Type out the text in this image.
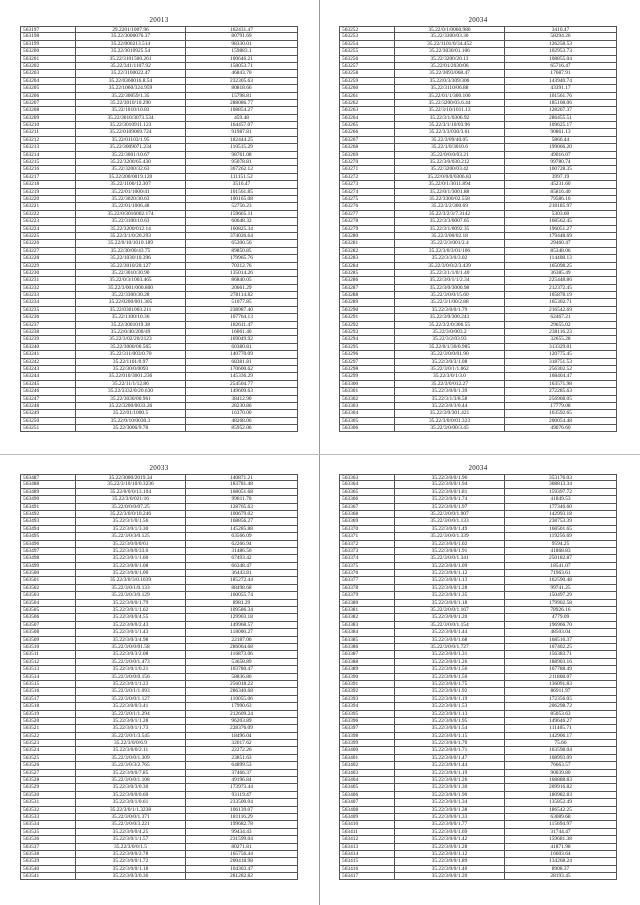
20013
563197	29.2201/1007.96	162431.47
563198	35.22/3000076.37	80791.69
563199	35.22/000213.514	98330.01
563200	35.22/3010925.54	159883.1
563201	35.22/3101500.261	100646.21
563202	35.22/341/1107.92	158053.71
563203	35.22/3100022.47	46843.70
563204	35.22/0360016.8.54	232305.63
563205	35.22/1060/324.959	80818.66
563206	35.22/30059/1.35	15798.81
563207	35.22/3010/10.290	288086.77
563208	35.22/1010/10.83	108854.27
563209	35.22/3010/3073.534	459.48
563210	35.22/3010911.123	164457.07
563211	35.22/0109069.724	91987.81
563212	35.22/01103/1.95	182444.25
563213	35.22/3009071.234	110515.29
563214	35.22/3001/10.67	98761.08
563215	35.22/3200/65.430	95078.81
563216	35.22/3200/32.63	367262.12
563217	35.22/200/0019.120	111151.52
563218	35.22/1100/12.307	3516.47
563219	35.22/01/1000/41	101561.85
563220	35.22/3020/30.63	100165.08
563221	35.22/01/1006.48	52756.23
563222	35.22/0/3016002.174	159665.11
563223	35.22/3100/10.63	60648.32
563224	35.22/3200/012.14	160825.34
563225	35.22/3/1/0/20.293	374026.64
563226	35.22/0/10/1010.189	65300.56
563227	35.22/30/00/43.75	89850.85
563228	35.22/1030/10.396	179965.76
563229	35.22/3010/20.127	70312.76
563230	35.22/3010/30.90	135014.26
563231	35.22/0/3/1003.465	86840.05
563232	35.22/3/001/000.800	20661.29
563233	35.22/3300/30.28	278114.82
563234	35.22/0200/001.305	51077.85
563235	35.22/0301003.211	238987.40
563236	35.22/1100/10.36	107764.13
563237	35.22/3001019.38	182611.47
563238	35.22/0/40/200/49	16061.40
563239	35.22/3/02/20/2123	169049.92
563240	35.22/3000/00.565	60380.81
563241	35.22/311/003/0.70	140770.09
563242	35.22/1101/0.97	68381.81
563243	35.22/30/0/0093	170600.62
563244	35.22/010/3001.236	145336.29
563245	35.22/11/1/12.86	254504.77
563246	35.22/3332/0/20.630	149609.63
563247	35.22/3030/00.961	38412.90
563248	35.22/3200/0033.26	28230.86
563249	35.22/01/1000.5	16370.00
563250	35.22/0/10/0030.3	48268.06
563251	35.22/3006/9.78	85952.06
20034
563252	35.22/0/1/0060.980	3410.47
563253	35.22/3300/03.30	58294.26
563254	35.22/1101/0/34.452	126258.53
563255	35.22/3030/01.106	102953.73
563256	35.22/3200/20.13	108855.04
563257	35.22/01/2030/06	65716.47
563258	35.22/3093/068.47	17687.91
563259	35.22/0/3/309/306	143940.74
563260	35.22/3110/06.88	43391.17
563261	35.22/01/1/300.106	101561.76
563262	35.22/3200/03.6.44	185108.06
563263	35.22/3/10/1011.13	128267.37
563264	35.22/3/1/0306.92	286455.51
563265	35.22/3/1/10/03.96	109625.17
563266	35.22/3/3/030/3.61	90861.13
563267	35.22/3/09/40.05	5866.44
563268	35.22/1/0/3010.6	199066.20
563269	35.22/0/0/0/03.21	49016.07
563270	35.22/3/0/030.212	99780.74
563271	35.22/3200/03.42	100728.35
563272	35.22/0/0/0/0306.83	3997.19
563273	35.22/0/1/3011.894	45231.60
563274	35.22/0/1/3001.88	85816.40
563275	35.22/3300/02.558	79586.16
563276	35.22/3/2/300.69	218185.97
563277	35.22/3/2/3/7.3142	5303.60
563278	35.22/3/3/0007.65	168562.45
563279	35.22/3/1/0092.35	196051.27
563280	35.22/3/00/02.18	179448.69
563281	35.22/3/3/001/2.4	29460.47
563282	35.22/3/0/3/01/106	85348.06
563283	35.22/3/3/0/3.02	114408.13
563284	35.22/3/0/0/2/3.439	165098.25
563285	35.22/3/1/1/0/1.40	36385.49
563286	35.22/3/0/1/1/2.34	225448.86
563287	35.22/3/0/3000.98	212372.45
563288	35.22/3/0/0/15.60	105878.19
563289	35.22/3/1/00/2.88	165302.71
563290	35.22/3/0/0/1.79	216542.69
563291	35.22/3/0/300.243	62467.21
563292	35.22/3/2/0/306.55	29655.02
563293	35.22/3/0/003.2	238116.23
563294	35.22/3/2/03.93	32655.28
563295	35.22/0/1/30/0.985	313329.01
563296	35.22/3/0/0/01.90	120775.45
563297	35.22/3/0/3/1.08	318751.53
563298	35.22/3/0/1/1.062	256302.52
563299	35.22/3/0/1/3.0	168404.47
563300	35.22/3/0/012.27	163571.98
563301	35.22/3/0/0/1.39	272285.63
563302	35.22/3/1/3/8.58	256968.05
563303	35.22/3/0/3/0.44	17779.08
563304	35.22/3/0/301.421	163592.65
563305	35.22/3/0/0/01.323	200054.48
563306	35.22/3/0/00/3.45	49076.60
20033
563487	35.22/3000/2019.34	140871.21
563488	35.22/3/10/10/0.3236	183781.48
563489	35.22/0/0/0/13.104	168051.68
563490	35.22/3/0/021/16	99811.70
563491	35.22/0/0/0/07.25	128765.63
563492	35.22/3/0/0/10.246	100679.02
563493	35.22/3/1/0/1.56	168856.27
563494	35.22/3/0/1/3.30	145285.88
563495	35.22/3/0/3/0.125	63566.09
563496	35.22/3/0/0/0/61	62266.94
563497	35.22/3/0/0/33.0	31486.56
563498	35.22/3/0/1/1.60	67493.42
563499	35.22/3/0/0/1.08	66348.47
563500	35.22/3/0/0/1.00	36443.81
563501	35.22/3/0/3/0.1039	185272.44
563502	35.22/3/0/1/0.133	88498.68
563503	35.22/3/0/3/0.129	160055.74
563504	35.22/3/0/0/1.79	8981.29
563505	35.22/3/0/1/1.62	109586.34
563506	35.22/3/0/0/4.55	129903.18
563507	35.22/3/0/0/2.43	149968.57
563508	35.22/3/0/1/1.43	118000.27
563509	35.22/3/0/3/4.98	22187.06
563510	35.22/3/0/0/01.58	286064.68
563511	35.22/3/0/3/2.08	116873.06
563512	35.22/3/0/0/1.473	53658.89
563513	35.22/3/0/1/0.21	103780.47
563514	35.22/3/0/0/0.156	58836.86
563515	35.22/3/0/1/1.23	256018.22
563516	35.22/3/0/1/1.093	286340.68
563517	35.22/3/0/0/1.127	110055.06
563518	35.22/3/0/0/3.41	17990.63
563519	35.22/3/0/1/1.294	212609.24
563520	35.22/3/0/1/1.28	96203.89
563521	35.22/3/0/1/1.73	228376.09
563522	35.22/3/0/1/3.545	18496.04
563523	35.22/3/0/0/6.9	32017.62
563524	35.22/3/0/0/2.11	22272.26
563525	35.22/3/0/0/1.309	23851.63
563526	35.22/3/0/3/2.765	64899.53
563527	35.22/3/0/0/7.85	37466.37
563528	35.22/3/0/0/1.108	49196.84
563529	35.22/3/0/3/0.30	173973.44
563530	35.22/3/0/0/0.60	93119.47
563531	35.22/3/0/1/0.61	233500.04
563532	35.22/3/0/1/1.3238	106139.07
563533	35.22/3/0/0/1.371	181116.29
563534	35.22/3/0/0/3.221	199682.78
563535	35.22/3/0/0/4.25	99434.43
563536	35.22/3/0/1/1.57	231599.04
563537	35.22/3/0/0/1.5	80271.81
563538	35.22/3/0/0/2.78	165756.44
563539	35.22/3/0/0/1.72	200418.98
563540	35.22/3/0/0/1.18	104303.47
563541	35.22/3/0/3/0.36	281282.82
20034
563363	35.22/3/0/0/1.96	353176.03
563364	35.22/3/0/0/1.94	308813.34
563365	35.22/3/0/0/1.81	159397.72
563366	35.22/3/0/0/1.74	41849.53
563367	35.22/3/0/0/1.97	177346.60
563368	35.22/3/0/0/1.907	142993.18
563369	35.22/3/0/0/1.133	238753.39
563370	35.22/3/0/0/1.49	168501.65
563371	35.22/3/0/0/1.339	119256.69
563372	35.22/3/0/0/1.02	9594.25
563373	35.22/3/0/0/1.91	41868.83
563374	35.22/3/0/0/1.341	250182.87
563375	35.22/3/0/0/1.09	18541.07
563376	35.22/3/0/0/1.12	71963.61
563377	35.22/3/0/0/1.13	162590.48
563378	35.22/3/0/0/1.28	99741.25
563379	35.22/3/0/0/1.35	150497.29
563380	35.22/3/0/0/1.18	179902.58
563381	35.22/3/0/0/1.167	78926.16
563382	35.22/3/0/0/1.20	4779.09
563383	35.22/3/0/0/1.154	196966.70
563384	35.22/3/0/0/1.44	48503.04
563385	35.22/3/0/0/1.68	168516.37
563386	35.22/3/0/0/1.727	167402.25
563387	35.22/3/0/0/1.31	156383.71
563388	35.22/3/0/0/1.26	188903.16
563389	35.22/3/0/0/1.56	167788.49
563390	35.22/3/0/0/1.50	211868.07
563391	35.22/3/0/0/1.75	136091.83
563392	35.22/3/0/0/1.92	86911.97
563393	35.22/3/0/0/1.19	172356.05
563394	35.22/3/0/0/1.53	206298.72
563395	35.22/3/0/0/1.13	85053.63
563396	35.22/3/0/0/1.95	149646.27
563397	35.22/3/0/0/1.54	111465.71
563398	35.22/3/0/0/1.15	142906.17
563399	35.22/3/0/0/1.70	75.66
563400	35.22/3/0/0/1.71	163598.04
563401	35.22/3/0/0/1.47	108993.09
563402	35.22/3/0/0/1.44	76663.57
563403	35.22/3/0/0/1.19	90039.80
563404	35.22/3/0/0/1.26	168888.83
563405	35.22/3/0/0/1.30	209916.82
563406	35.22/3/0/0/1.90	180982.83
563407	35.22/3/0/0/1.34	135852.49
563408	35.22/3/0/0/1.38	186542.25
563409	35.22/3/0/0/1.33	63089.68
563410	35.22/3/0/0/1.77	115694.97
563411	35.22/3/0/0/1.69	31744.47
563412	35.22/3/0/0/1.42	159681.38
563413	35.22/3/0/0/1.28	41871.98
563414	35.22/3/0/0/1.12	16603.64
563415	35.22/3/0/0/1.89	134268.24
563416	35.22/3/0/0/1.40	8908.37
563417	35.22/3/0/0/1.20	28193.45
